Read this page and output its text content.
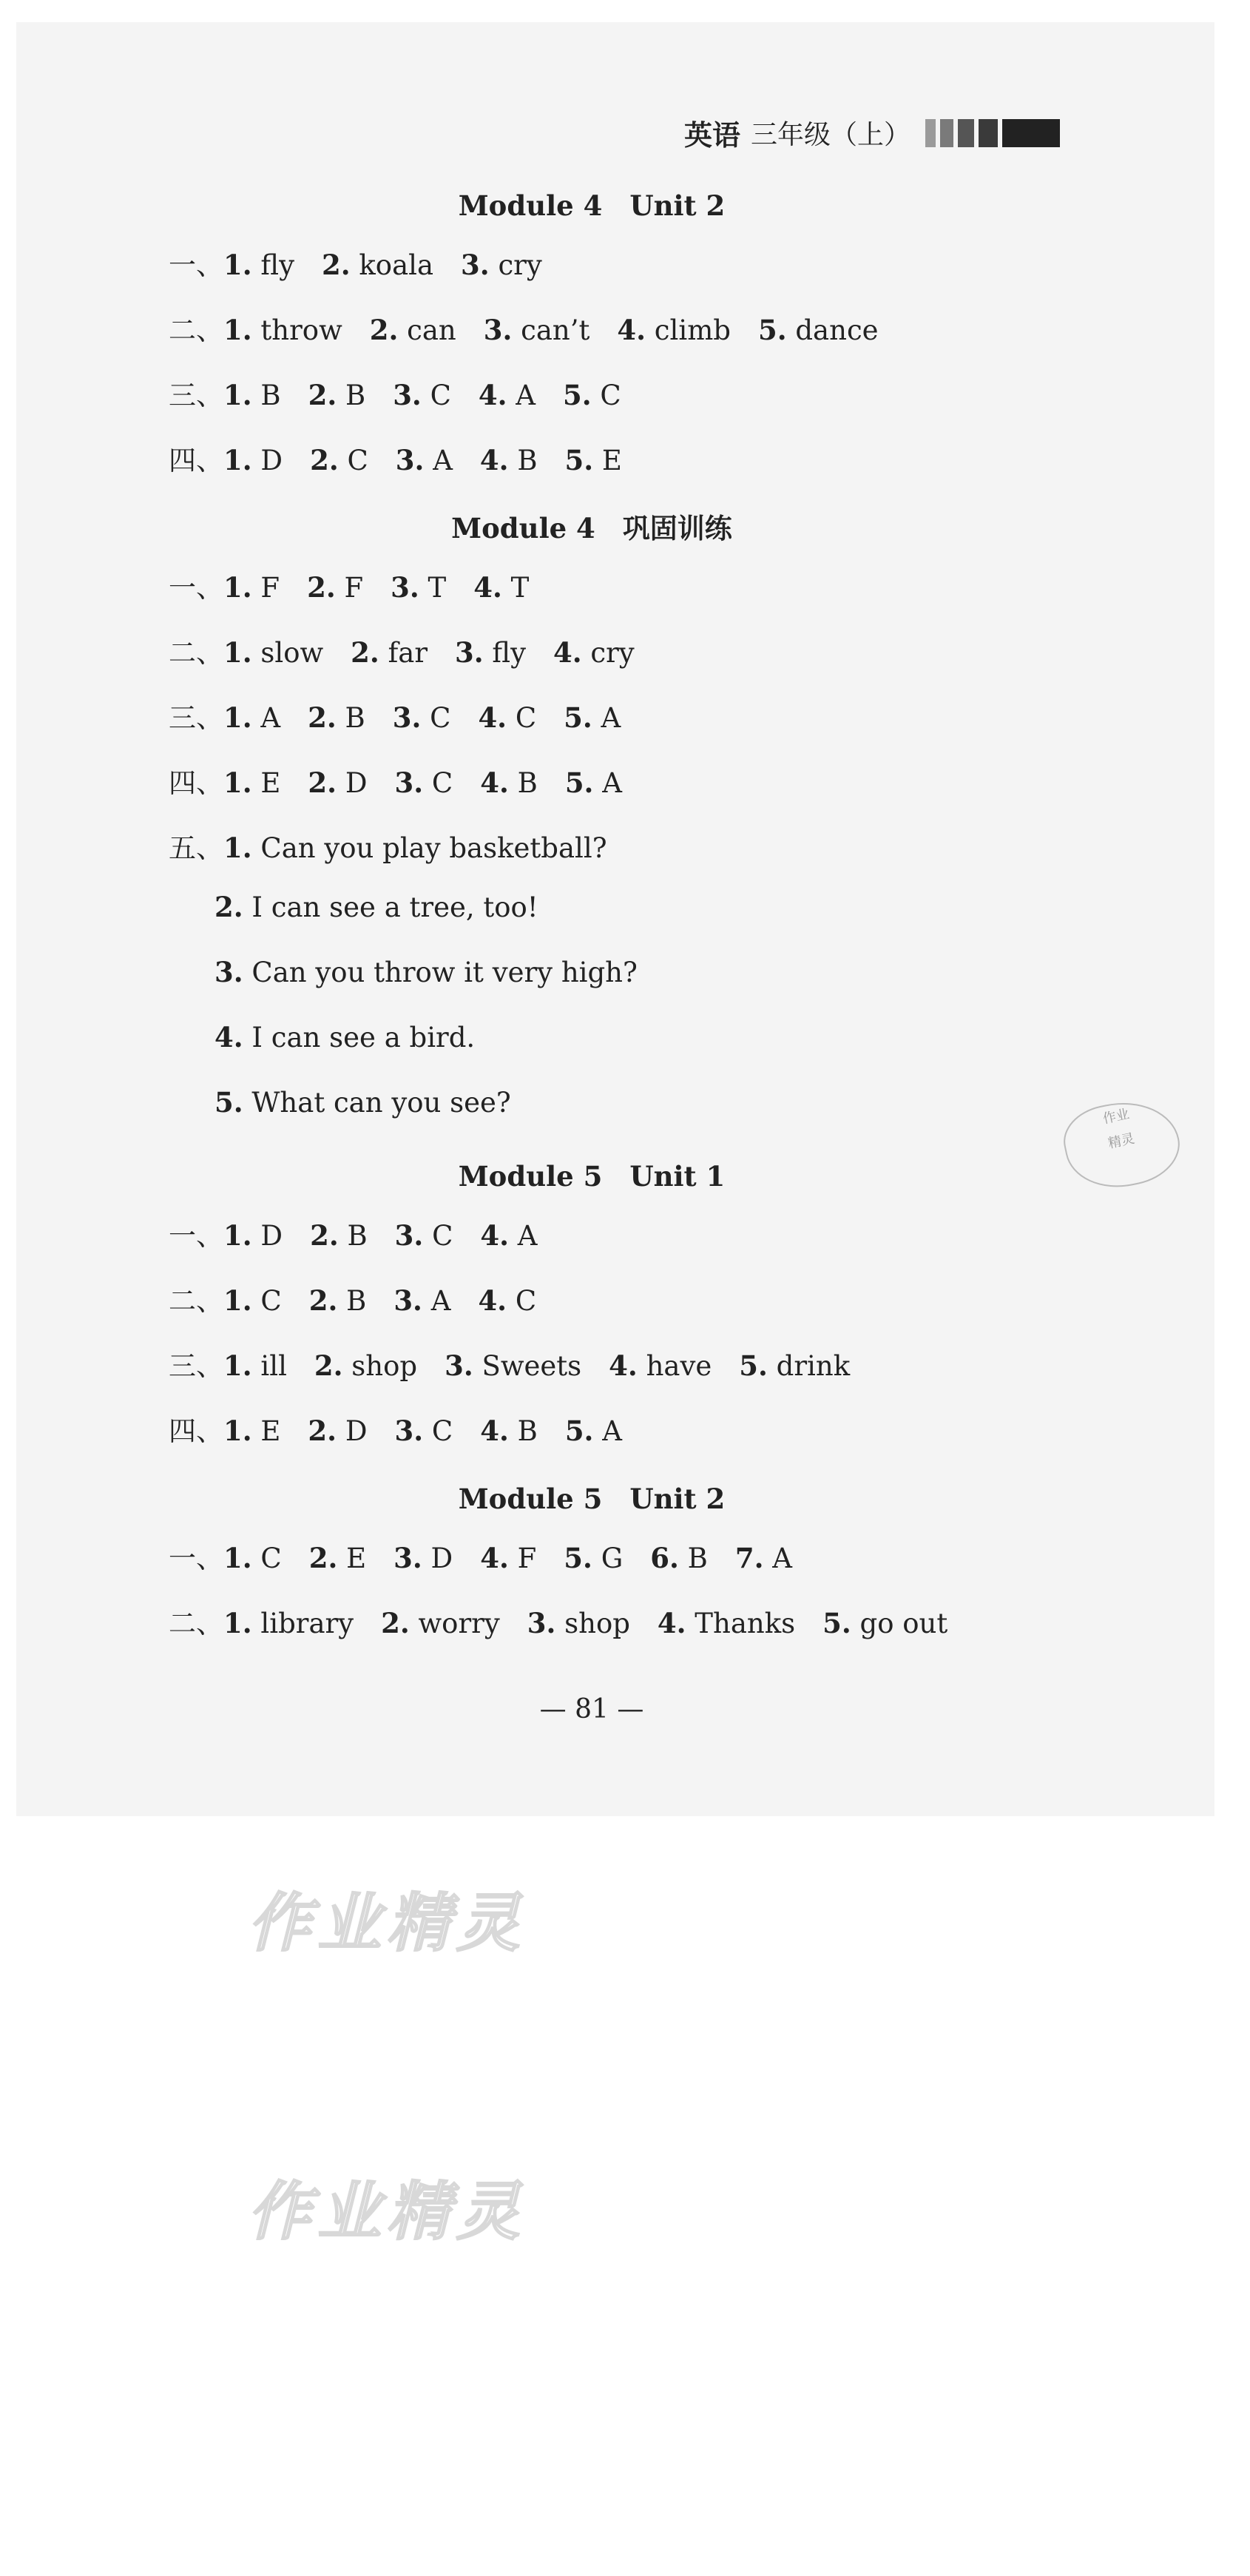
英语 三年级（上）
Module 4　Unit 2
一、1. fly  2. koala  3. cry
二、1. throw  2. can  3. can’t  4. climb  5. dance
三、1. B  2. B  3. C  4. A  5. C
四、1. D  2. C  3. A  4. B  5. E
Module 4　巩固训练
一、1. F  2. F  3. T  4. T
二、1. slow  2. far  3. fly  4. cry
三、1. A  2. B  3. C  4. C  5. A
四、1. E  2. D  3. C  4. B  5. A
五、1. Can you play basketball?
2. I can see a tree, too!
3. Can you throw it very high?
4. I can see a bird.
5. What can you see?
Module 5　Unit 1
一、1. D  2. B  3. C  4. A
二、1. C  2. B  3. A  4. C
三、1. ill  2. shop  3. Sweets  4. have  5. drink
四、1. E  2. D  3. C  4. B  5. A
Module 5　Unit 2
一、1. C  2. E  3. D  4. F  5. G  6. B  7. A
二、1. library  2. worry  3. shop  4. Thanks  5. go out
— 81 —
作业
精灵
作业精灵
作业精灵
